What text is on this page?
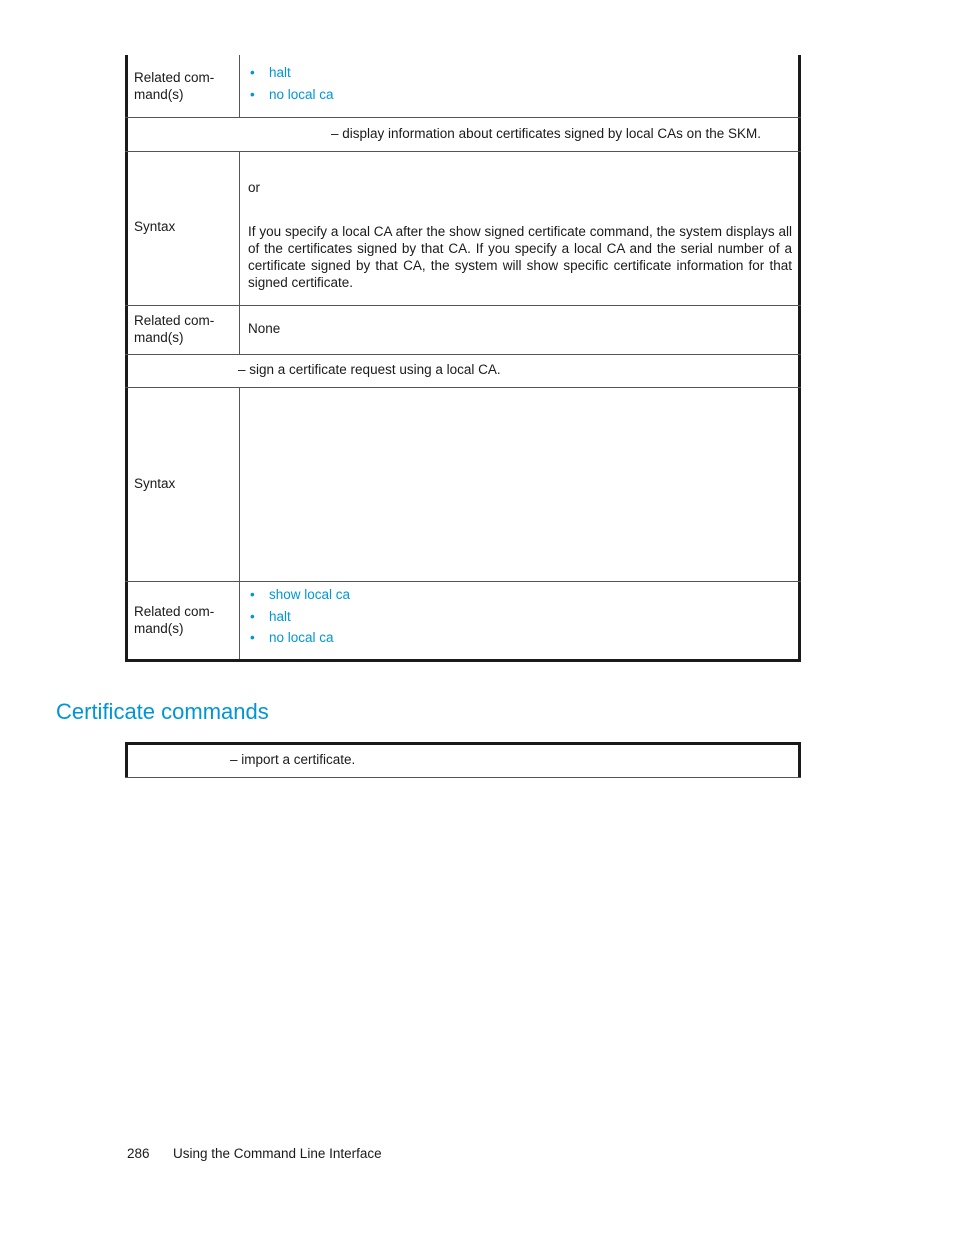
Related com-
mand(s)
• halt
• no local ca
– display information about certificates signed by local CAs on the SKM.
Syntax
or
If you specify a local CA after the show signed certificate command, the system displays all of the certificates signed by that CA. If you specify a local CA and the serial number of a certificate signed by that CA, the system will show specific certificate information for that signed certificate.
Related com-
mand(s)
None
– sign a certificate request using a local CA.
Syntax
Related com-
mand(s)
• show local ca
• halt
• no local ca
Certificate commands
– import a certificate.
286 Using the Command Line Interface
